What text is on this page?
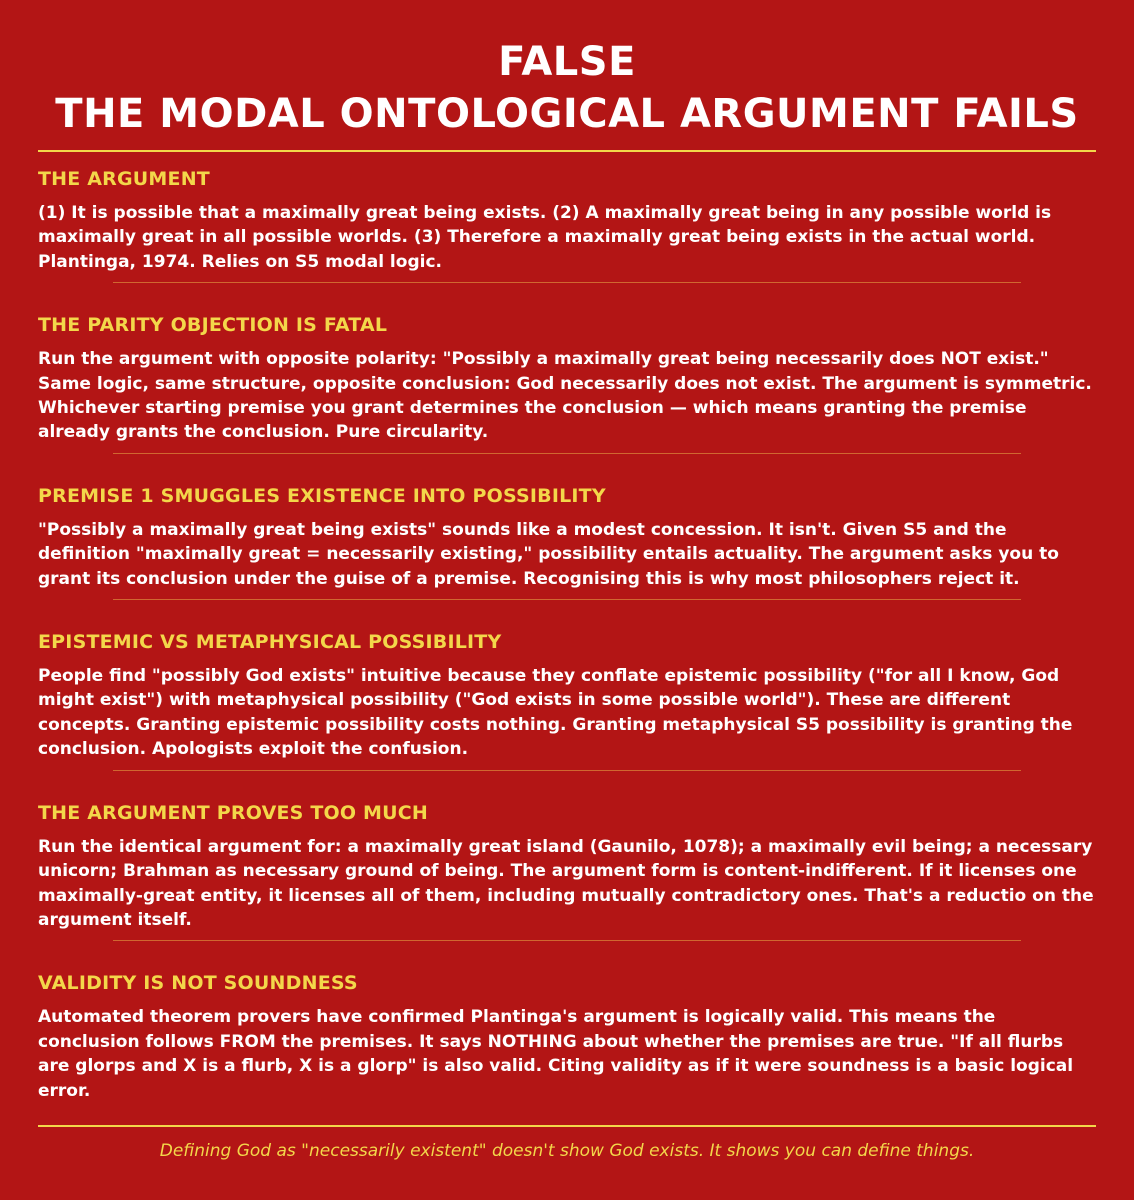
FALSE
THE MODAL ONTOLOGICAL ARGUMENT FAILS
THE ARGUMENT
(1) It is possible that a maximally great being exists. (2) A maximally great being in any possible world is maximally great in all possible worlds. (3) Therefore a maximally great being exists in the actual world. Plantinga, 1974. Relies on S5 modal logic.
THE PARITY OBJECTION IS FATAL
Run the argument with opposite polarity: "Possibly a maximally great being necessarily does NOT exist." Same logic, same structure, opposite conclusion: God necessarily does not exist. The argument is symmetric. Whichever starting premise you grant determines the conclusion — which means granting the premise already grants the conclusion. Pure circularity.
PREMISE 1 SMUGGLES EXISTENCE INTO POSSIBILITY
"Possibly a maximally great being exists" sounds like a modest concession. It isn't. Given S5 and the definition "maximally great = necessarily existing," possibility entails actuality. The argument asks you to grant its conclusion under the guise of a premise. Recognising this is why most philosophers reject it.
EPISTEMIC VS METAPHYSICAL POSSIBILITY
People find "possibly God exists" intuitive because they conflate epistemic possibility ("for all I know, God might exist") with metaphysical possibility ("God exists in some possible world"). These are different concepts. Granting epistemic possibility costs nothing. Granting metaphysical S5 possibility is granting the conclusion. Apologists exploit the confusion.
THE ARGUMENT PROVES TOO MUCH
Run the identical argument for: a maximally great island (Gaunilo, 1078); a maximally evil being; a necessary unicorn; Brahman as necessary ground of being. The argument form is content-indifferent. If it licenses one maximally-great entity, it licenses all of them, including mutually contradictory ones. That's a reductio on the argument itself.
VALIDITY IS NOT SOUNDNESS
Automated theorem provers have confirmed Plantinga's argument is logically valid. This means the conclusion follows FROM the premises. It says NOTHING about whether the premises are true. "If all flurbs are glorps and X is a flurb, X is a glorp" is also valid. Citing validity as if it were soundness is a basic logical error.
Defining God as "necessarily existent" doesn't show God exists. It shows you can define things.
